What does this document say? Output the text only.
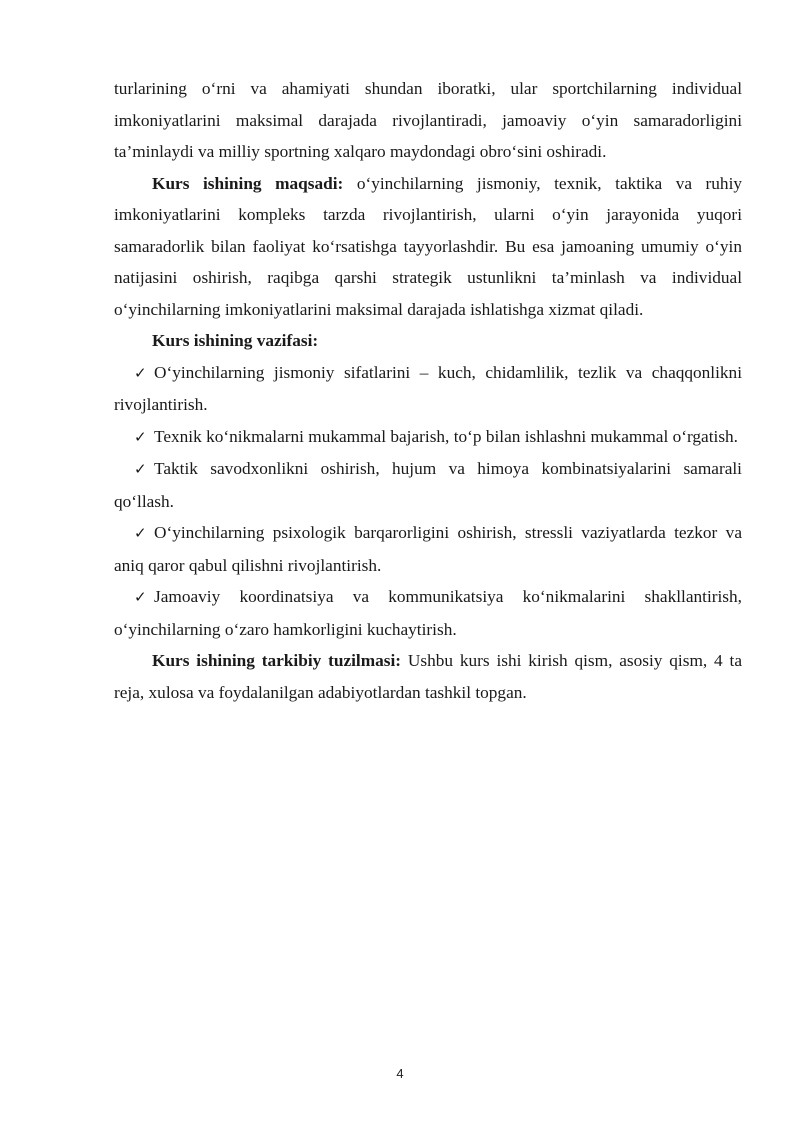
turlarining o‘rni va ahamiyati shundan iboratki, ular sportchilarning individual imkoniyatlarini maksimal darajada rivojlantiradi, jamoaviy o‘yin samaradorligini ta’minlaydi va milliy sportning xalqaro maydondagi obro‘sini oshiradi.

Kurs ishining maqsadi: o‘yinchilarning jismoniy, texnik, taktika va ruhiy imkoniyatlarini kompleks tarzda rivojlantirish, ularni o‘yin jarayonida yuqori samaradorlik bilan faoliyat ko‘rsatishga tayyorlashdir. Bu esa jamoaning umumiy o‘yin natijasini oshirish, raqibga qarshi strategik ustunlikni ta’minlash va individual o‘yinchilarning imkoniyatlarini maksimal darajada ishlatishga xizmat qiladi.

Kurs ishining vazifasi:

✓ O‘yinchilarning jismoniy sifatlarini – kuch, chidamlilik, tezlik va chaqqonlikni rivojlantirish.

✓ Texnik ko‘nikmalarni mukammal bajarish, to‘p bilan ishlashni mukammal o‘rgatish.

✓ Taktik savodxonlikni oshirish, hujum va himoya kombinatsiyalarini samarali qo‘llash.

✓ O‘yinchilarning psixologik barqarorligini oshirish, stressli vaziyatlarda tezkor va aniq qaror qabul qilishni rivojlantirish.

✓ Jamoaviy koordinatsiya va kommunikatsiya ko‘nikmalarini shakllantirish, o‘yinchilarning o‘zaro hamkorligini kuchaytirish.

Kurs ishining tarkibiy tuzilmasi: Ushbu kurs ishi kirish qism, asosiy qism, 4 ta reja, xulosa va foydalanilgan adabiyotlardan tashkil topgan.

4
